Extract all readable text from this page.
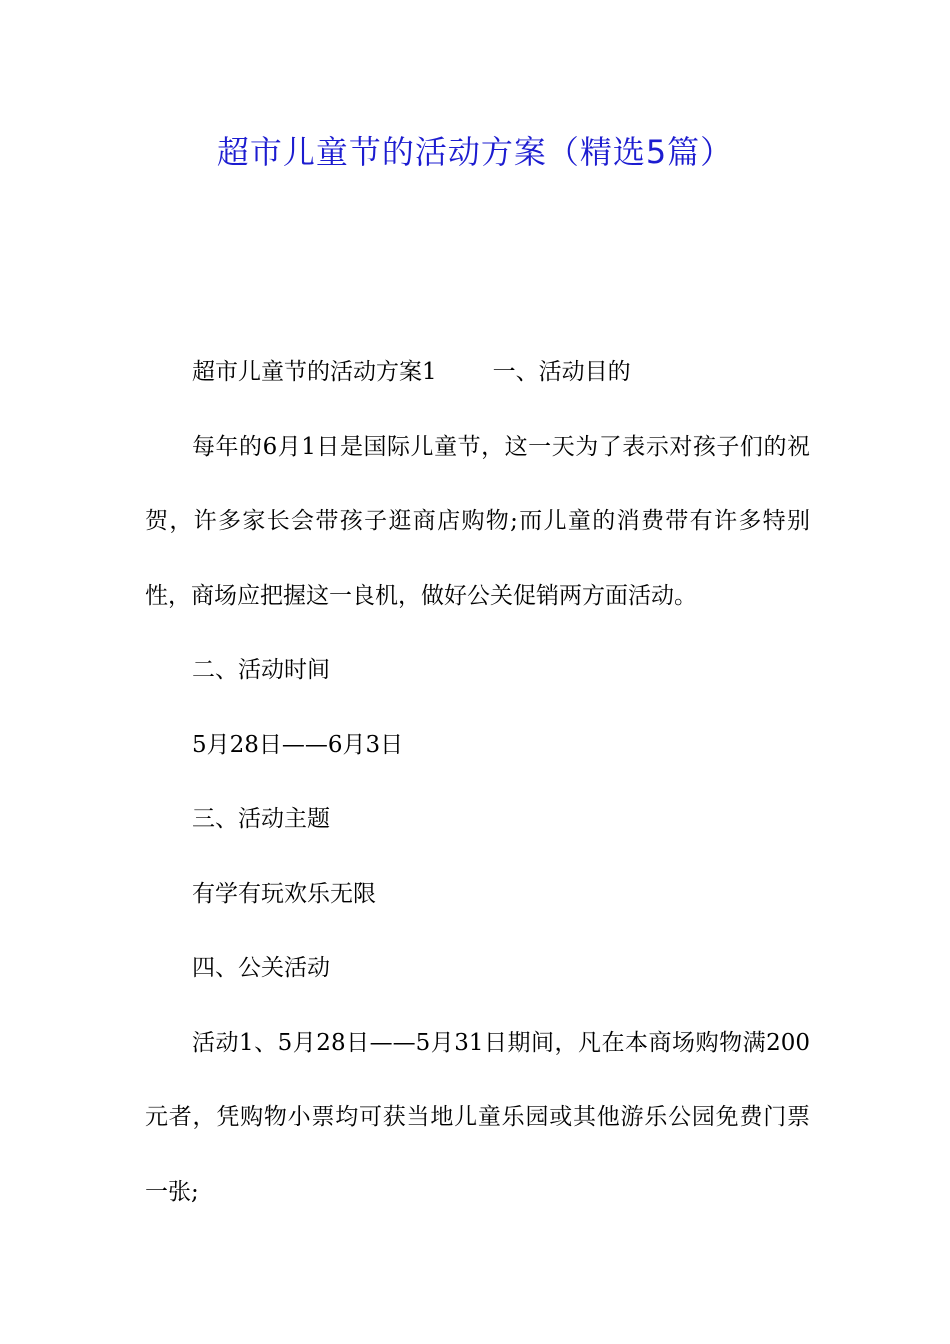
超市儿童节的活动方案（精选5篇）

超市儿童节的活动方案1 一、活动目的

每年的6月1日是国际儿童节，这一天为了表示对孩子们的祝贺，许多家长会带孩子逛商店购物;而儿童的消费带有许多特别性，商场应把握这一良机，做好公关促销两方面活动。

二、活动时间

5月28日——6月3日

三、活动主题

有学有玩欢乐无限

四、公关活动

活动1、5月28日——5月31日期间，凡在本商场购物满200元者，凭购物小票均可获当地儿童乐园或其他游乐公园免费门票一张;
